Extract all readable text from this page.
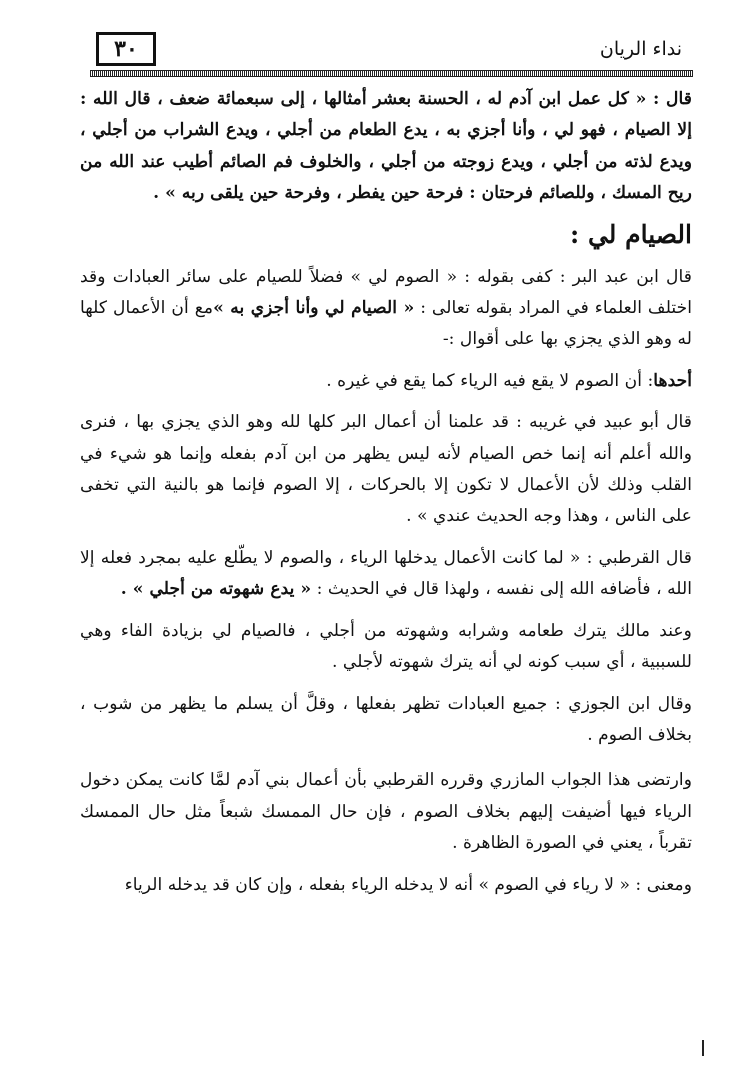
٣٠	نداء الريان

قال : « كل عمل ابن آدم له ، الحسنة بعشر أمثالها ، إلى سبعمائة ضعف ، قال الله : إلا الصيام ، فهو لي ، وأنا أجزي به ، يدع الطعام من أجلي ، ويدع الشراب من أجلي ، ويدع لذته من أجلي ، ويدع زوجته من أجلي ، والخلوف فم الصائم أطيب عند الله من ريح المسك ، وللصائم فرحتان : فرحة حين يفطر ، وفرحة حين يلقى ربه » .

الصيام لي :

قال ابن عبد البر : كفى بقوله : « الصوم لي » فضلاً للصيام على سائر العبادات وقد اختلف العلماء في المراد بقوله تعالى : « الصيام لي وأنا أجزي به »مع أن الأعمال كلها له وهو الذي يجزي بها على أقوال :-

أحدها: أن الصوم لا يقع فيه الرياء كما يقع في غيره .

قال أبو عبيد في غريبه : قد علمنا أن أعمال البر كلها لله وهو الذي يجزي بها ، فنرى والله أعلم أنه إنما خص الصيام لأنه ليس يظهر من ابن آدم بفعله وإنما هو شيء في القلب وذلك لأن الأعمال لا تكون إلا بالحركات ، إلا الصوم فإنما هو بالنية التي تخفى على الناس ، وهذا وجه الحديث عندي » .

قال القرطبي : « لما كانت الأعمال يدخلها الرياء ، والصوم لا يطّلع عليه بمجرد فعله إلا الله ، فأضافه الله إلى نفسه ، ولهذا قال في الحديث : « يدع شهوته من أجلي » .

وعند مالك يترك طعامه وشرابه وشهوته من أجلي ، فالصيام لي بزيادة الفاء وهي للسببية ، أي سبب كونه لي أنه يترك شهوته لأجلي .

وقال ابن الجوزي : جميع العبادات تظهر بفعلها ، وقلَّ أن يسلم ما يظهر من شوب ، بخلاف الصوم .

وارتضى هذا الجواب المازري وقرره القرطبي بأن أعمال بني آدم لمَّا كانت يمكن دخول الرياء فيها أضيفت إليهم بخلاف الصوم ، فإن حال الممسك شبعاً مثل حال الممسك تقرباً ، يعني في الصورة الظاهرة .

ومعنى : « لا رياء في الصوم » أنه لا يدخله الرياء بفعله ، وإن كان قد يدخله الرياء
